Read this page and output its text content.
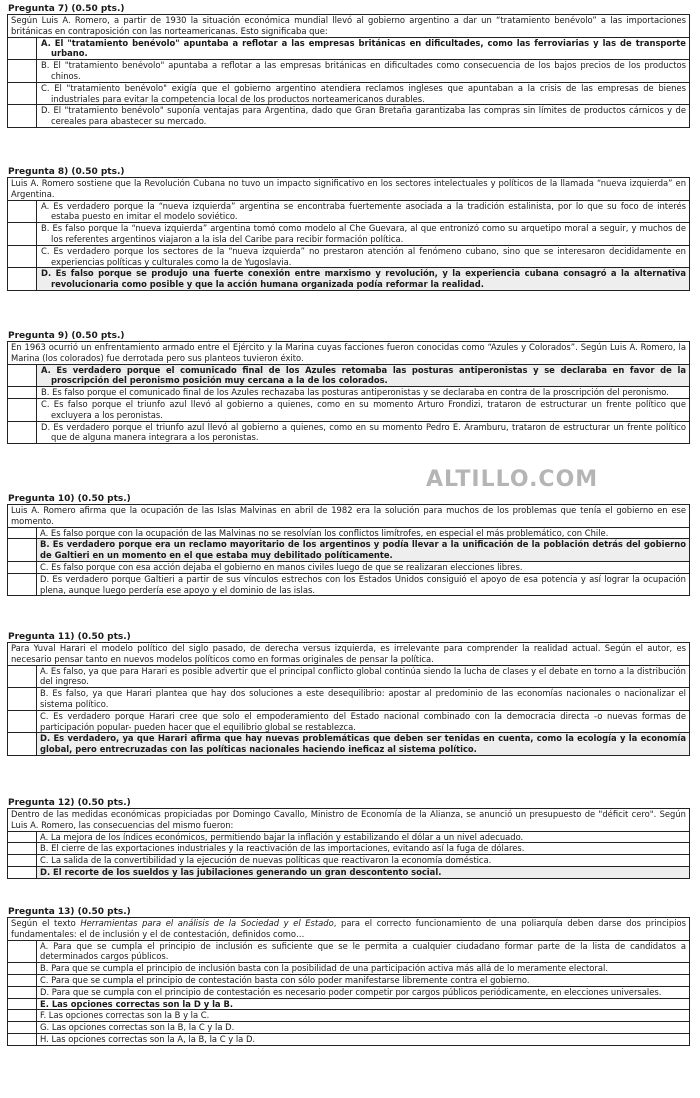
Pregunta 7) (0.50 pts.)
Según Luis A. Romero, a partir de 1930 la situación económica mundial llevó al gobierno argentino a dar un “tratamiento benévolo” a las importaciones británicas en contraposición con las norteamericanas. Esto significaba que:
A. El "tratamiento benévolo" apuntaba a reflotar a las empresas británicas en dificultades, como las ferroviarias y las de transporte urbano.
B. El "tratamiento benévolo" apuntaba a reflotar a las empresas británicas en dificultades como consecuencia de los bajos precios de los productos chinos.
C. El "tratamiento benévolo" exigía que el gobierno argentino atendiera reclamos ingleses que apuntaban a la crisis de las empresas de bienes industriales para evitar la competencia local de los productos norteamericanos durables.
D. El "tratamiento benévolo" suponía ventajas para Argentina, dado que Gran Bretaña garantizaba las compras sin límites de productos cárnicos y de cereales para abastecer su mercado.
Pregunta 8) (0.50 pts.)
Luis A. Romero sostiene que la Revolución Cubana no tuvo un impacto significativo en los sectores intelectuales y políticos de la llamada “nueva izquierda” en Argentina.
A. Es verdadero porque la “nueva izquierda” argentina se encontraba fuertemente asociada a la tradición estalinista, por lo que su foco de interés estaba puesto en imitar el modelo soviético.
B. Es falso porque la “nueva izquierda” argentina tomó como modelo al Che Guevara, al que entronizó como su arquetipo moral a seguir, y muchos de los referentes argentinos viajaron a la isla del Caribe para recibir formación política.
C. Es verdadero porque los sectores de la “nueva izquierda” no prestaron atención al fenómeno cubano, sino que se interesaron decididamente en experiencias políticas y culturales como la de Yugoslavia.
D. Es falso porque se produjo una fuerte conexión entre marxismo y revolución, y la experiencia cubana consagró a la alternativa revolucionaria como posible y que la acción humana organizada podía reformar la realidad.
Pregunta 9) (0.50 pts.)
En 1963 ocurrió un enfrentamiento armado entre el Ejército y la Marina cuyas facciones fueron conocidas como “Azules y Colorados”. Según Luis A. Romero, la Marina (los colorados) fue derrotada pero sus planteos tuvieron éxito.
A. Es verdadero porque el comunicado final de los Azules retomaba las posturas antiperonistas y se declaraba en favor de la proscripción del peronismo posición muy cercana a la de los colorados.
B. Es falso porque el comunicado final de los Azules rechazaba las posturas antiperonistas y se declaraba en contra de la proscripción del peronismo.
C. Es falso porque el triunfo azul llevó al gobierno a quienes, como en su momento Arturo Frondizi, trataron de estructurar un frente político que excluyera a los peronistas.
D. Es verdadero porque el triunfo azul llevó al gobierno a quienes, como en su momento Pedro E. Aramburu, trataron de estructurar un frente político que de alguna manera integrara a los peronistas.
Pregunta 10) (0.50 pts.)
Luis A. Romero afirma que la ocupación de las Islas Malvinas en abril de 1982 era la solución para muchos de los problemas que tenía el gobierno en ese momento.
A. Es falso porque con la ocupación de las Malvinas no se resolvían los conflictos limítrofes, en especial el más problemático, con Chile.
B. Es verdadero porque era un reclamo mayoritario de los argentinos y podía llevar a la unificación de la población detrás del gobierno de Galtieri en un momento en el que estaba muy debilitado políticamente.
C. Es falso porque con esa acción dejaba el gobierno en manos civiles luego de que se realizaran elecciones libres.
D. Es verdadero porque Galtieri a partir de sus vínculos estrechos con los Estados Unidos consiguió el apoyo de esa potencia y así lograr la ocupación plena, aunque luego perdería ese apoyo y el dominio de las islas.
Pregunta 11) (0.50 pts.)
Para Yuval Harari el modelo político del siglo pasado, de derecha versus izquierda, es irrelevante para comprender la realidad actual. Según el autor, es necesario pensar tanto en nuevos modelos políticos como en formas originales de pensar la política.
A. Es falso, ya que para Harari es posible advertir que el principal conflicto global continúa siendo la lucha de clases y el debate en torno a la distribución del ingreso.
B. Es falso, ya que Harari plantea que hay dos soluciones a este desequilibrio: apostar al predominio de las economías nacionales o nacionalizar el sistema político.
C. Es verdadero porque Harari cree que solo el empoderamiento del Estado nacional combinado con la democracia directa -o nuevas formas de participación popular- pueden hacer que el equilibrio global se restablezca.
D. Es verdadero, ya que Harari afirma que hay nuevas problemáticas que deben ser tenidas en cuenta, como la ecología y la economía global, pero entrecruzadas con las políticas nacionales haciendo ineficaz al sistema político.
Pregunta 12) (0.50 pts.)
Dentro de las medidas económicas propiciadas por Domingo Cavallo, Ministro de Economía de la Alianza, se anunció un presupuesto de "déficit cero". Según Luis A. Romero, las consecuencias del mismo fueron:
A. La mejora de los índices económicos, permitiendo bajar la inflación y estabilizando el dólar a un nivel adecuado.
B. El cierre de las exportaciones industriales y la reactivación de las importaciones, evitando así la fuga de dólares.
C. La salida de la convertibilidad y la ejecución de nuevas políticas que reactivaron la economía doméstica.
D. El recorte de los sueldos y las jubilaciones generando un gran descontento social.
Pregunta 13) (0.50 pts.)
Según el texto Herramientas para el análisis de la Sociedad y el Estado, para el correcto funcionamiento de una poliarquía deben darse dos principios fundamentales: el de inclusión y el de contestación, definidos como…
A. Para que se cumpla el principio de inclusión es suficiente que se le permita a cualquier ciudadano formar parte de la lista de candidatos a determinados cargos públicos.
B. Para que se cumpla el principio de inclusión basta con la posibilidad de una participación activa más allá de lo meramente electoral.
C. Para que se cumpla el principio de contestación basta con sólo poder manifestarse libremente contra el gobierno.
D. Para que se cumpla con el principio de contestación es necesario poder competir por cargos públicos periódicamente, en elecciones universales.
E. Las opciones correctas son la D y la B.
F. Las opciones correctas son la B y la C.
G. Las opciones correctas son la B, la C y la D.
H. Las opciones correctas son la A, la B, la C y la D.
ALTILLO.COM
